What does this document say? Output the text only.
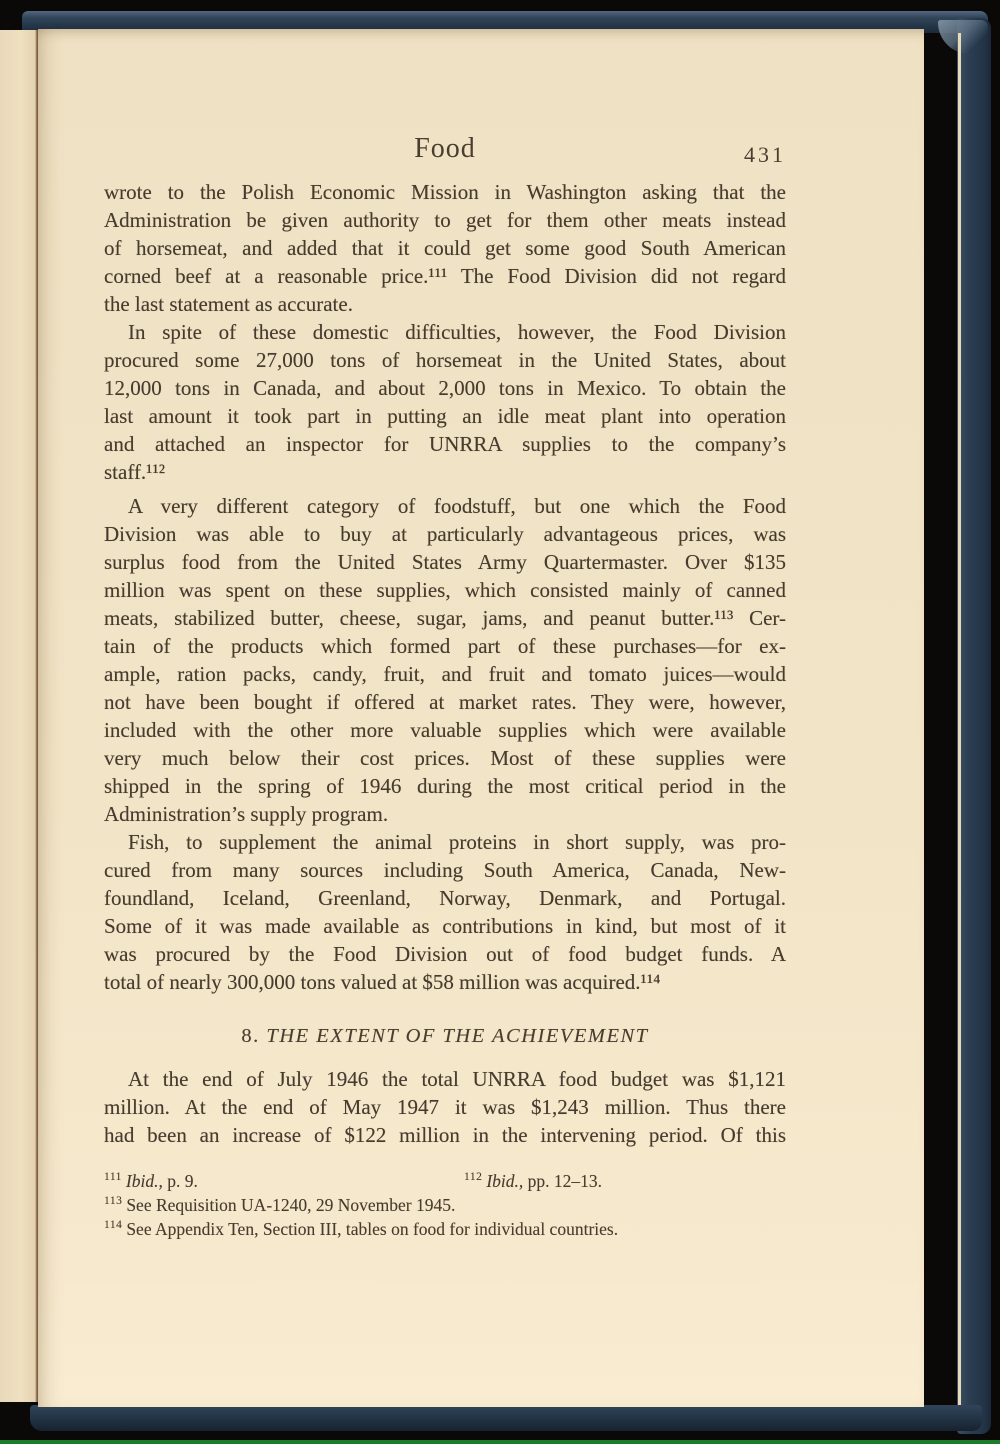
Food	431
wrote to the Polish Economic Mission in Washington asking that the
Administration be given authority to get for them other meats instead
of horsemeat, and added that it could get some good South American
corned beef at a reasonable price.¹¹¹ The Food Division did not regard
the last statement as accurate.
In spite of these domestic difficulties, however, the Food Division
procured some 27,000 tons of horsemeat in the United States, about
12,000 tons in Canada, and about 2,000 tons in Mexico. To obtain the
last amount it took part in putting an idle meat plant into operation
and attached an inspector for UNRRA supplies to the company’s
staff.¹¹²
A very different category of foodstuff, but one which the Food
Division was able to buy at particularly advantageous prices, was
surplus food from the United States Army Quartermaster. Over $135
million was spent on these supplies, which consisted mainly of canned
meats, stabilized butter, cheese, sugar, jams, and peanut butter.¹¹³ Cer-
tain of the products which formed part of these purchases—for ex-
ample, ration packs, candy, fruit, and fruit and tomato juices—would
not have been bought if offered at market rates. They were, however,
included with the other more valuable supplies which were available
very much below their cost prices. Most of these supplies were
shipped in the spring of 1946 during the most critical period in the
Administration’s supply program.
Fish, to supplement the animal proteins in short supply, was pro-
cured from many sources including South America, Canada, New-
foundland, Iceland, Greenland, Norway, Denmark, and Portugal.
Some of it was made available as contributions in kind, but most of it
was procured by the Food Division out of food budget funds. A
total of nearly 300,000 tons valued at $58 million was acquired.¹¹⁴
8. THE EXTENT OF THE ACHIEVEMENT
At the end of July 1946 the total UNRRA food budget was $1,121
million. At the end of May 1947 it was $1,243 million. Thus there
had been an increase of $122 million in the intervening period. Of this
$^{111}$ Ibid., p. 9.	$^{112}$ Ibid., pp. 12–13.
$^{113}$ See Requisition UA-1240, 29 November 1945.
$^{114}$ See Appendix Ten, Section III, tables on food for individual countries.
